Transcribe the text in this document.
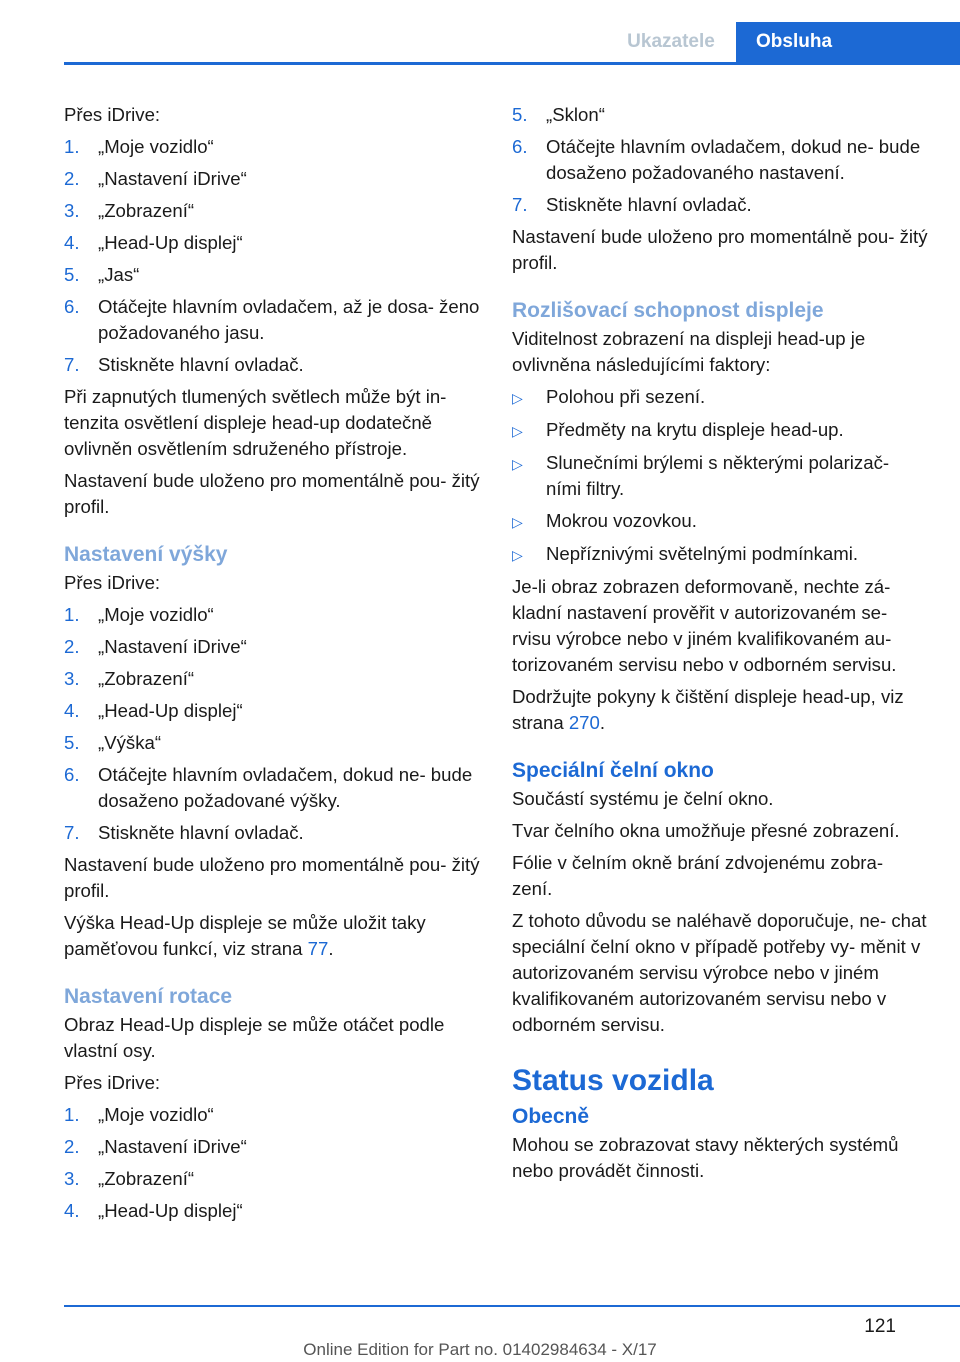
Ukazatele	Obsluha

Přes iDrive:

1. „Moje vozidlo“
2. „Nastavení iDrive“
3. „Zobrazení“
4. „Head-Up displej“
5. „Jas“
6. Otáčejte hlavním ovladačem, až je dosa‐ ženo požadovaného jasu.
7. Stiskněte hlavní ovladač.

Při zapnutých tlumených světlech může být in‐ tenzita osvětlení displeje head-up dodatečně ovlivněn osvětlením sdruženého přístroje.

Nastavení bude uloženo pro momentálně pou‐ žitý profil.

Nastavení výšky

Přes iDrive:

1. „Moje vozidlo“
2. „Nastavení iDrive“
3. „Zobrazení“
4. „Head-Up displej“
5. „Výška“
6. Otáčejte hlavním ovladačem, dokud ne‐ bude dosaženo požadované výšky.
7. Stiskněte hlavní ovladač.

Nastavení bude uloženo pro momentálně pou‐ žitý profil.

Výška Head-Up displeje se může uložit taky paměťovou funkcí, viz strana 77.

Nastavení rotace

Obraz Head-Up displeje se může otáčet podle vlastní osy.

Přes iDrive:

1. „Moje vozidlo“
2. „Nastavení iDrive“
3. „Zobrazení“
4. „Head-Up displej“
5. „Sklon“
6. Otáčejte hlavním ovladačem, dokud ne‐ bude dosaženo požadovaného nastavení.
7. Stiskněte hlavní ovladač.

Nastavení bude uloženo pro momentálně pou‐ žitý profil.

Rozlišovací schopnost displeje

Viditelnost zobrazení na displeji head-up je ovlivněna následujícími faktory:

▷	Polohou při sezení.
▷	Předměty na krytu displeje head-up.
▷	Slunečními brýlemi s některými polarizač‐ ními filtry.
▷	Mokrou vozovkou.
▷	Nepříznivými světelnými podmínkami.

Je-li obraz zobrazen deformovaně, nechte zá‐ kladní nastavení prověřit v autorizovaném se‐ rvisu výrobce nebo v jiném kvalifikovaném au‐ torizovaném servisu nebo v odborném servisu.

Dodržujte pokyny k čištění displeje head-up, viz strana 270.

Speciální čelní okno

Součástí systému je čelní okno.

Tvar čelního okna umožňuje přesné zobrazení.

Fólie v čelním okně brání zdvojenému zobra‐ zení.

Z tohoto důvodu se naléhavě doporučuje, ne‐ chat speciální čelní okno v případě potřeby vy‐ měnit v autorizovaném servisu výrobce nebo v jiném kvalifikovaném autorizovaném servisu nebo v odborném servisu.

Status vozidla
Obecně

Mohou se zobrazovat stavy některých systémů nebo provádět činnosti.

121
Online Edition for Part no. 01402984634 - X/17
